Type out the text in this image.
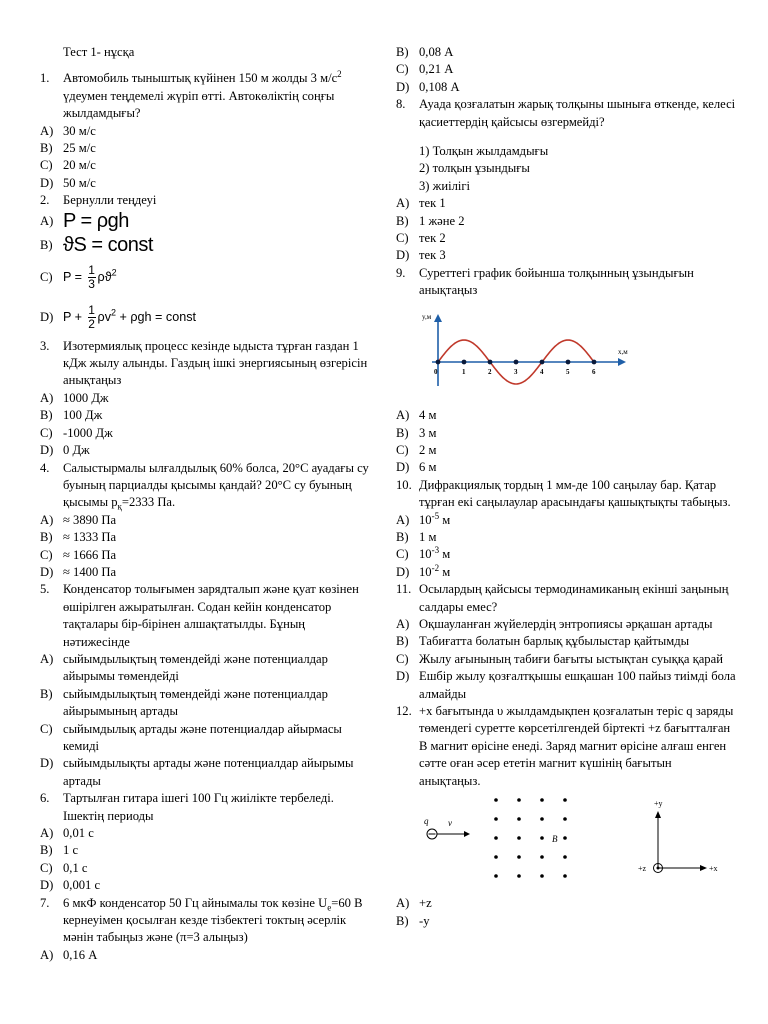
Тест 1- нұсқа
1.	Автомобиль тыныштық күйінен 150 м жолды 3 $м/с^2$ үдеумен теңдемелі жүріп өтті. Автокөліктің соңғы жылдамдығы?
A) 30 м/с
B) 25 м/с
C) 20 м/с
D) 50 м/с
2.	Бернулли теңдеуі
A) P = ρgh
B) ϑS = const
C) $P = \frac{1}{3} \rho ϑ^2$
D) $P + \frac{1}{2} \rho v^2 + \rho gh$ = const
3.	Изотермиялық процесс кезінде ыдыста тұрған газдан 1 кДж жылу алынды. Газдың ішкі энергиясының өзгерісін анықтаңыз
A) 1000 Дж
B) 100 Дж
C) -1000 Дж
D) 0 Дж
4.	Салыстырмалы ылғалдылық 60% болса, 20°C ауадағы су буының парциалды қысымы қандай? 20°C су буының қысымы $р_қ=2333$ Па.
A) ≈ 3890 Па
B) ≈ 1333 Па
C) ≈ 1666 Па
D) ≈ 1400 Па
5.	Конденсатор толығымен зарядталып және қуат көзінен өшірілген ажыратылған. Содан кейін конденсатор тақталары бір-бірінен алшақтатылды. Бұның нәтижесінде
A) сыйымдылықтың төмендейді және потенциалдар айырымы төмендейді
B) сыйымдылықтың төмендейді және потенциалдар айырымының артады
C) сыйымдылық артады және потенциалдар айырмасы кемиді
D) сыйымдылықты артады және потенциалдар айырымы артады
6.	Тартылған гитара ішегі 100 Гц жиілікте тербеледі. Ішектің периоды
A) 0,01 с
B) 1 с
C) 0,1 с
D) 0,001 с
7.	6 мкФ конденсатор 50 Гц айнымалы ток көзіне $U_e=60$ В кернеуімен қосылған кезде тізбектегі токтың әсерлік мәнін табыңыз және (π=3 алыңыз)
A) 0,16 А
B) 0,08 А
C) 0,21 А
D) 0,108 А
8.	Ауада қозғалатын жарық толқыны шыныға өткенде, келесі қасиеттердің қайсысы өзгермейді?
1) Толқын жылдамдығы
2) толқын ұзындығы
3) жиілігі
A) тек 1
B) 1 және 2
C) тек 2
D) тек 3
9.	Суреттегі график бойынша толқынның ұзындығын анықтаңыз
y,м
x,м
0	1	2	3	4	5	6
A) 4 м
B) 3 м
C) 2 м
D) 6 м
10. Дифракциялық тордың 1 мм-де 100 саңылау бар. Қатар тұрған екі саңылаулар арасындағы қашықтықты табыңыз.
A) $10^{-5}$ м
B) 1 м
C) $10^{-3}$ м
D) $10^{-2}$ м
11. Осылардың қайсысы термодинамиканың екінші заңының салдары емес?
A) Оқшауланған жүйелердің энтропиясы әрқашан артады
B) Табиғатта болатын барлық құбылыстар қайтымды
C) Жылу ағынының табиғи бағыты ыстықтан суыққа қарай
D) Ешбір жылу қозғалтқышы ешқашан 100 пайыз тиімді бола алмайды
12. +x бағытында υ жылдамдықпен қозғалатын теріс q заряды төмендегі суретте көрсетілгендей біртекті +z бағытталған B магнит өрісіне енеді. Заряд магнит өрісіне алғаш енген сәтте оған әсер ететін магнит күшінің бағытын анықтаңыз.
q v
B
+y
+x
+z
A) +z
B) -y
